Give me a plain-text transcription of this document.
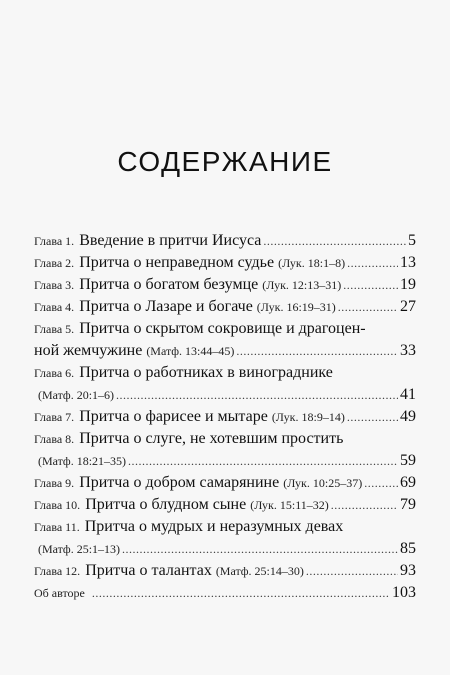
СОДЕРЖАНИЕ
Глава 1. Введение в притчи Иисуса .....	5
Глава 2. Притча о неправедном судье (Лук. 18:1–8) .....	13
Глава 3. Притча о богатом безумце (Лук. 12:13–31) .....	19
Глава 4. Притча о Лазаре и богаче (Лук. 16:19–31) .....	27
Глава 5. Притча о скрытом сокровище и драгоцен-
ной жемчужине (Матф. 13:44–45) .....	33
Глава 6. Притча о работниках в винограднике
(Матф. 20:1–6) .....	41
Глава 7. Притча о фарисее и мытаре (Лук. 18:9–14) .....	49
Глава 8. Притча о слуге, не хотевшим простить
(Матф. 18:21–35) .....	59
Глава 9. Притча о добром самарянине (Лук. 10:25–37) ..... 69
Глава 10. Притча о блудном сыне (Лук. 15:11–32) .....	79
Глава 11. Притча о мудрых и неразумных девах
(Матф. 25:1–13) .....	85
Глава 12. Притча о талантах (Матф. 25:14–30) .....	93
Об авторе .....	103
